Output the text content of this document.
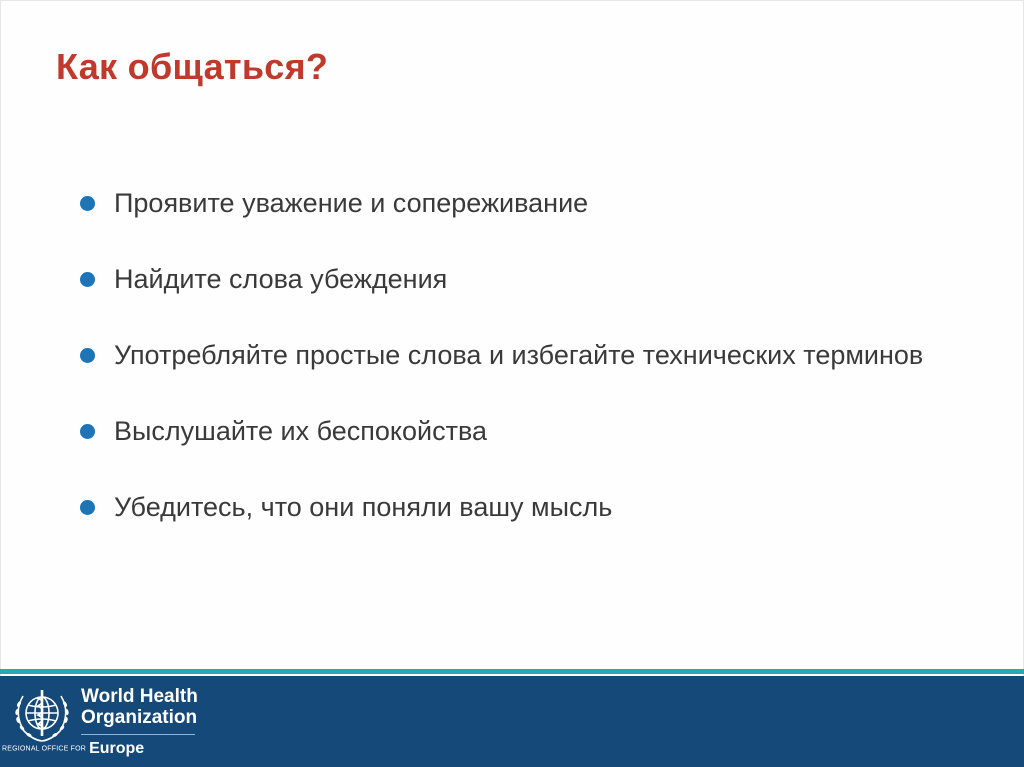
Как общаться?
Проявите уважение и сопереживание
Найдите слова убеждения
Употребляйте простые слова и избегайте технических терминов
Выслушайте их беспокойства
Убедитесь, что они поняли вашу мысль
World Health
Organization
REGIONAL OFFICE FOR Europe
